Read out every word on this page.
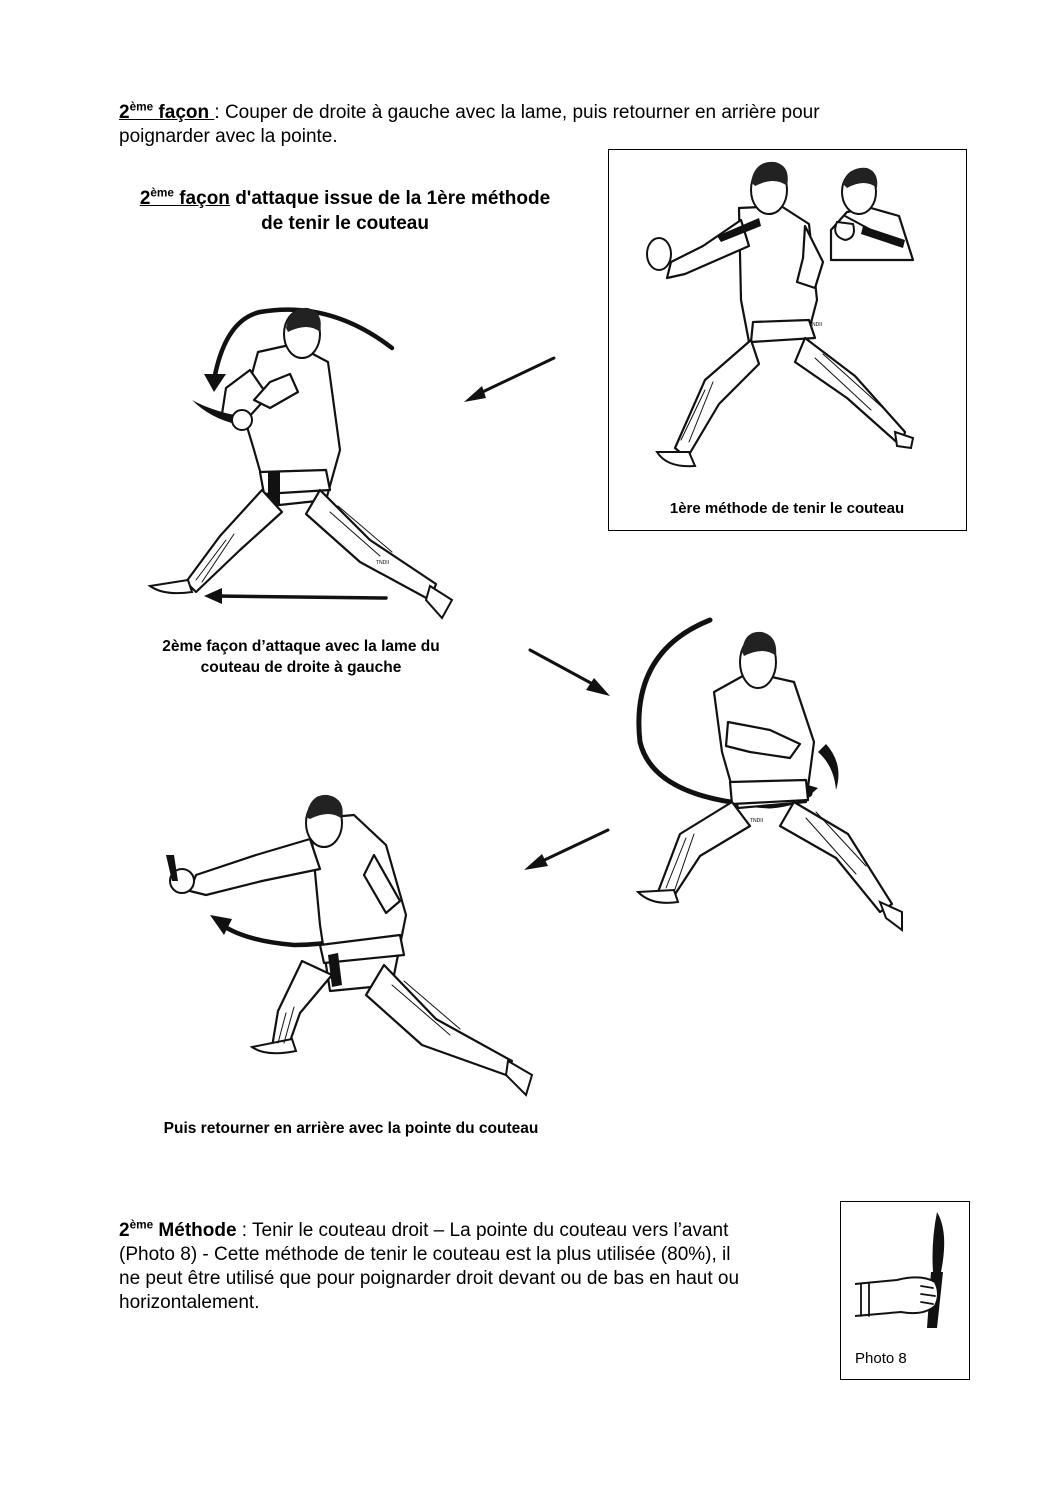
2ème façon : Couper de droite à gauche avec la lame, puis retourner en arrière pour
poignarder avec la pointe.
2ème façon d'attaque issue de la 1ère méthode
de tenir le couteau
TNDII
1ère méthode de tenir le couteau
TNDII
2ème façon d’attaque avec la lame du
couteau de droite à gauche
TNDII
Puis retourner en arrière avec la pointe du couteau
2ème Méthode : Tenir le couteau droit – La pointe du couteau vers l’avant
(Photo 8) - Cette méthode de tenir le couteau est la plus utilisée (80%), il
ne peut être utilisé que pour poignarder droit devant ou de bas en haut ou
horizontalement.
Photo 8
